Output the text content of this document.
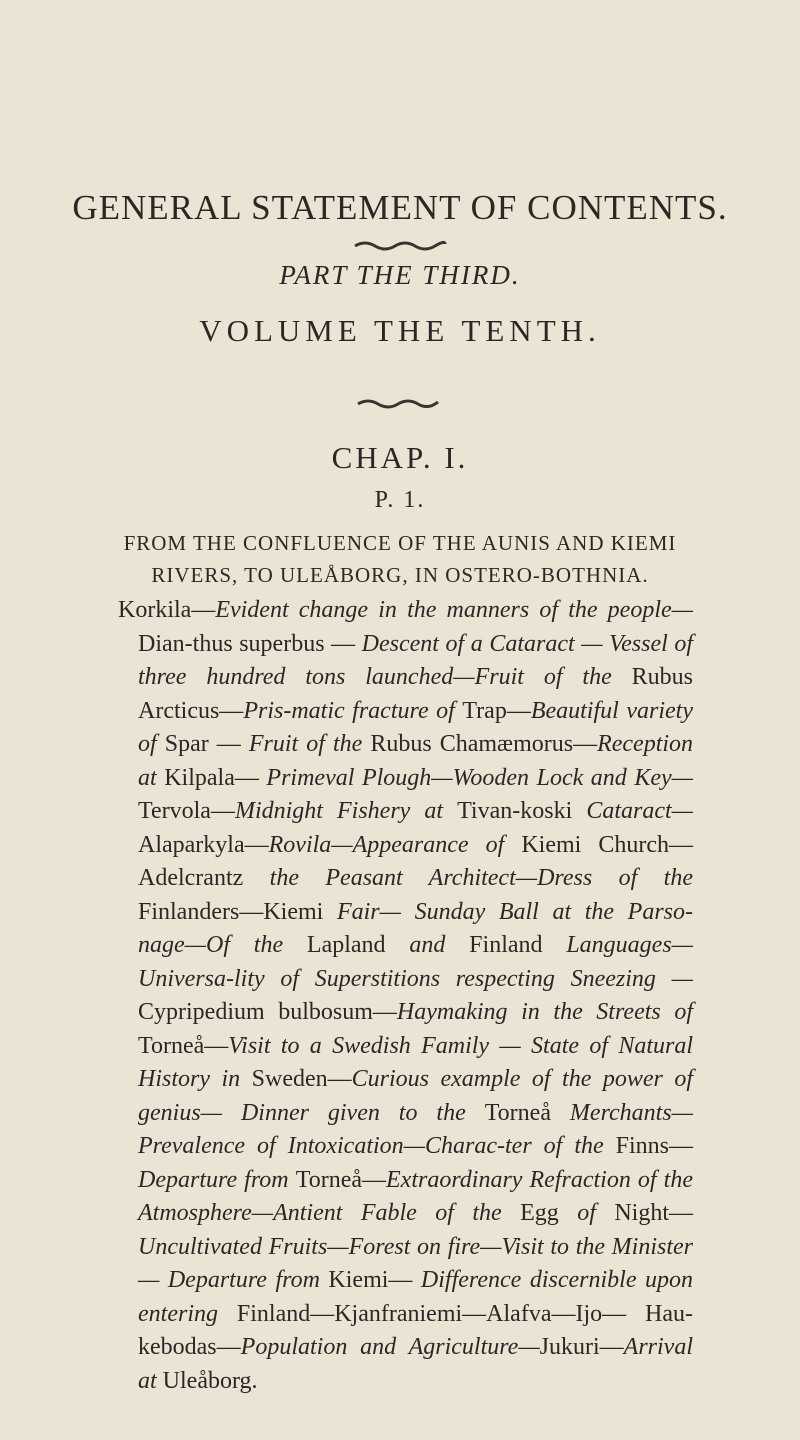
GENERAL STATEMENT OF CONTENTS.
PART THE THIRD.
VOLUME THE TENTH.
CHAP. I.
P. 1.
FROM THE CONFLUENCE OF THE AUNIS AND KIEMI RIVERS, TO ULEÅBORG, IN OSTERO-BOTHNIA.
Korkila—Evident change in the manners of the people—Dian-thus superbus — Descent of a Cataract — Vessel of three hundred tons launched—Fruit of the Rubus Arcticus—Pris-matic fracture of Trap—Beautiful variety of Spar — Fruit of the Rubus Chamæmorus—Reception at Kilpala— Primeval Plough—Wooden Lock and Key—Tervola—Midnight Fishery at Tivan-koski Cataract—Alaparkyla—Rovila—Appearance of Kiemi Church—Adelcrantz the Peasant Architect—Dress of the Finlanders—Kiemi Fair— Sunday Ball at the Parso-nage—Of the Lapland and Finland Languages—Universa-lity of Superstitions respecting Sneezing — Cypripedium bulbosum—Haymaking in the Streets of Torneå—Visit to a Swedish Family — State of Natural History in Sweden—Curious example of the power of genius— Dinner given to the Torneå Merchants—Prevalence of Intoxication—Charac-ter of the Finns—Departure from Torneå—Extraordinary Refraction of the Atmosphere—Antient Fable of the Egg of Night—Uncultivated Fruits—Forest on fire—Visit to the Minister — Departure from Kiemi— Difference discernible upon entering Finland—Kjanfraniemi—Alafva—Ijo— Hau-kebodas—Population and Agriculture—Jukuri—Arrival at Uleåborg.
